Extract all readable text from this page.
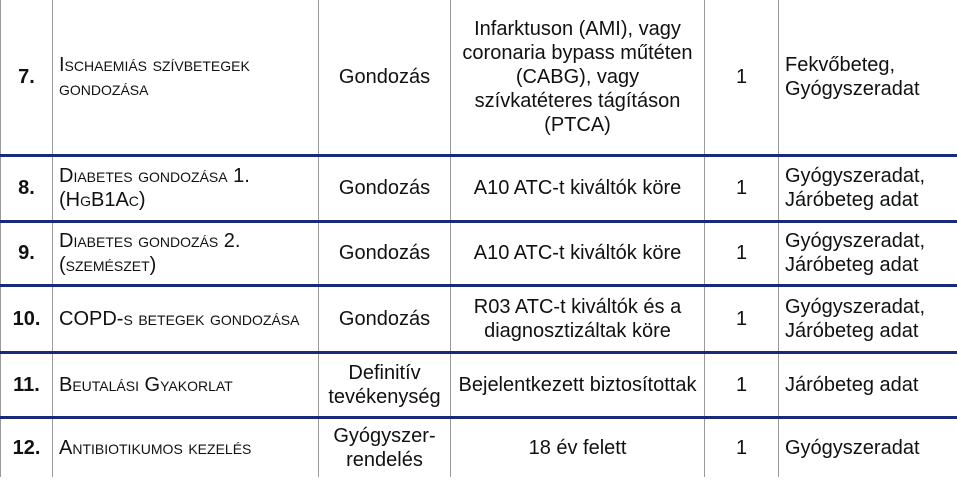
7.	Ischaemiás szívbetegek gondozása	Gondozás	Infarktuson (AMI), vagy coronaria bypass műtéten (CABG), vagy szívkatéteres tágításon (PTCA)	1	Fekvőbeteg, Gyógyszeradat
8.	Diabetes gondozása 1. (HgB1Ac)	Gondozás	A10 ATC-t kiváltók köre	1	Gyógyszeradat, Járóbeteg adat
9.	Diabetes gondozás 2. (szemészet)	Gondozás	A10 ATC-t kiváltók köre	1	Gyógyszeradat, Járóbeteg adat
10.	COPD-s betegek gondozása	Gondozás	R03 ATC-t kiváltók és a diagnosztizáltak köre	1	Gyógyszeradat, Járóbeteg adat
11.	Beutalási Gyakorlat	Definitív tevékenység	Bejelentkezett biztosítottak	1	Járóbeteg adat
12.	Antibiotikumos kezelés	Gyógyszer-rendelés	18 év felett	1	Gyógyszeradat
